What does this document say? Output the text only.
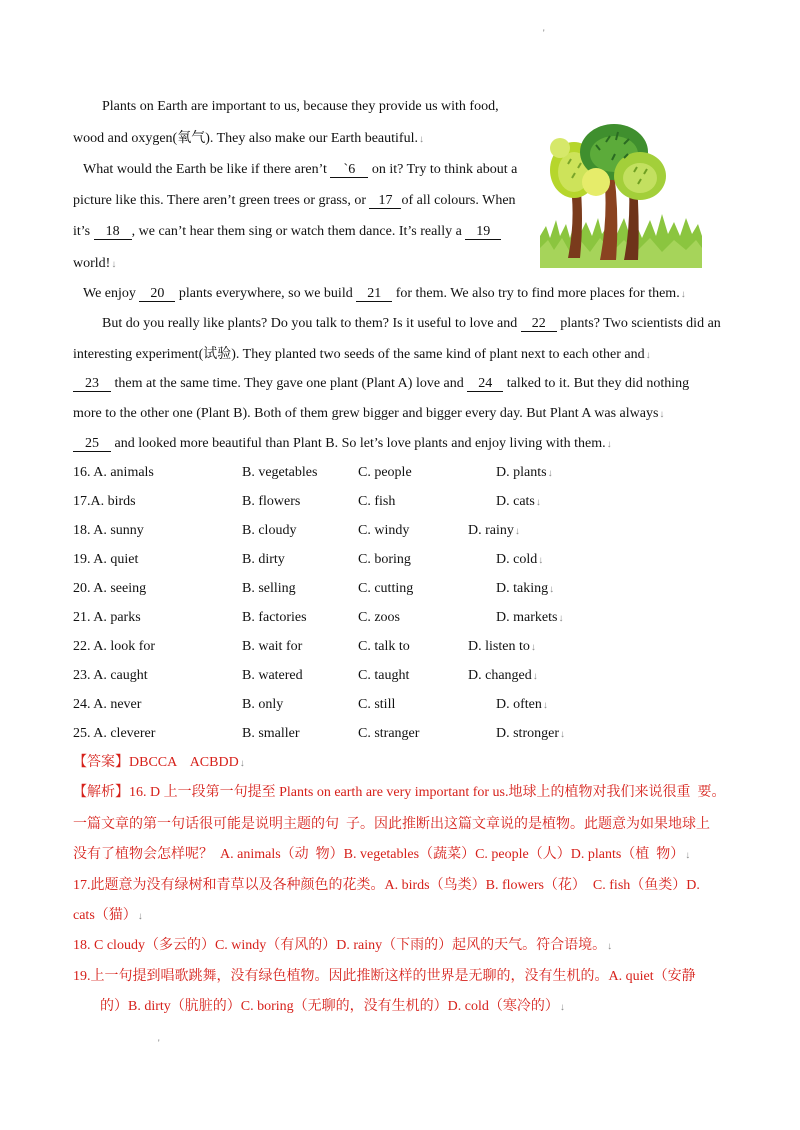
'
Plants on Earth are important to us, because they provide us with food,
wood and oxygen(氧气). They also make our Earth beautiful.↓
What would the Earth be like if there aren’t `6 on it? Try to think about a
picture like this. There aren’t green trees or grass, or 17 of all colours. When
it’s 18 , we can’t hear them sing or watch them dance. It’s really a 19
world!↓
We enjoy 20 plants everywhere, so we build 21 for them. We also try to find more places for them.↓
But do you really like plants? Do you talk to them? Is it useful to love and 22 plants? Two scientists did an
interesting experiment(试验). They planted two seeds of the same kind of plant next to each other and↓
23 them at the same time. They gave one plant (Plant A) love and 24 talked to it. But they did nothing
more to the other one (Plant B). Both of them grew bigger and bigger every day. But Plant A was always↓
25 and looked more beautiful than Plant B. So let’s love plants and enjoy living with them.↓
16. A. animals	B. vegetables	C. people	D. plants↓
17.A. birds	B. flowers	C. fish	D. cats↓
18. A. sunny	B. cloudy	C. windy	D. rainy↓
19. A. quiet	B. dirty	C. boring	D. cold↓
20. A. seeing	B. selling	C. cutting	D. taking↓
21. A. parks	B. factories	C. zoos	D. markets↓
22. A. look for	B. wait for	C. talk to	D. listen to↓
23. A. caught	B. watered	C. taught	D. changed↓
24. A. never	B. only	C. still	D. often↓
25. A. cleverer	B. smaller	C. stranger	D. stronger↓
【答案】DBCCA    ACBDD↓
【解析】16. D 上一段第一句提至 Plants on earth are very important for us.地球上的植物对我们来说很重  要。
一篇文章的第一句话很可能是说明主题的句  子。因此推断出这篇文章说的是植物。此题意为如果地球上
没有了植物会怎样呢？  A. animals（动  物）B. vegetables（蔬菜）C. people（人）D. plants（植  物）↓
17.此题意为没有绿树和青草以及各种颜色的花类。A. birds（鸟类）B. flowers（花）  C. fish（鱼类）D.
cats（猫）↓
18. C cloudy（多云的）C. windy（有风的）D. rainy（下雨的）起风的天气。符合语境。↓
19.上一句提到唱歌跳舞，没有绿色植物。因此推断这样的世界是无聊的，没有生机的。A. quiet（安静
的）B. dirty（肮脏的）C. boring（无聊的，没有生机的）D. cold（寒冷的）↓
'
